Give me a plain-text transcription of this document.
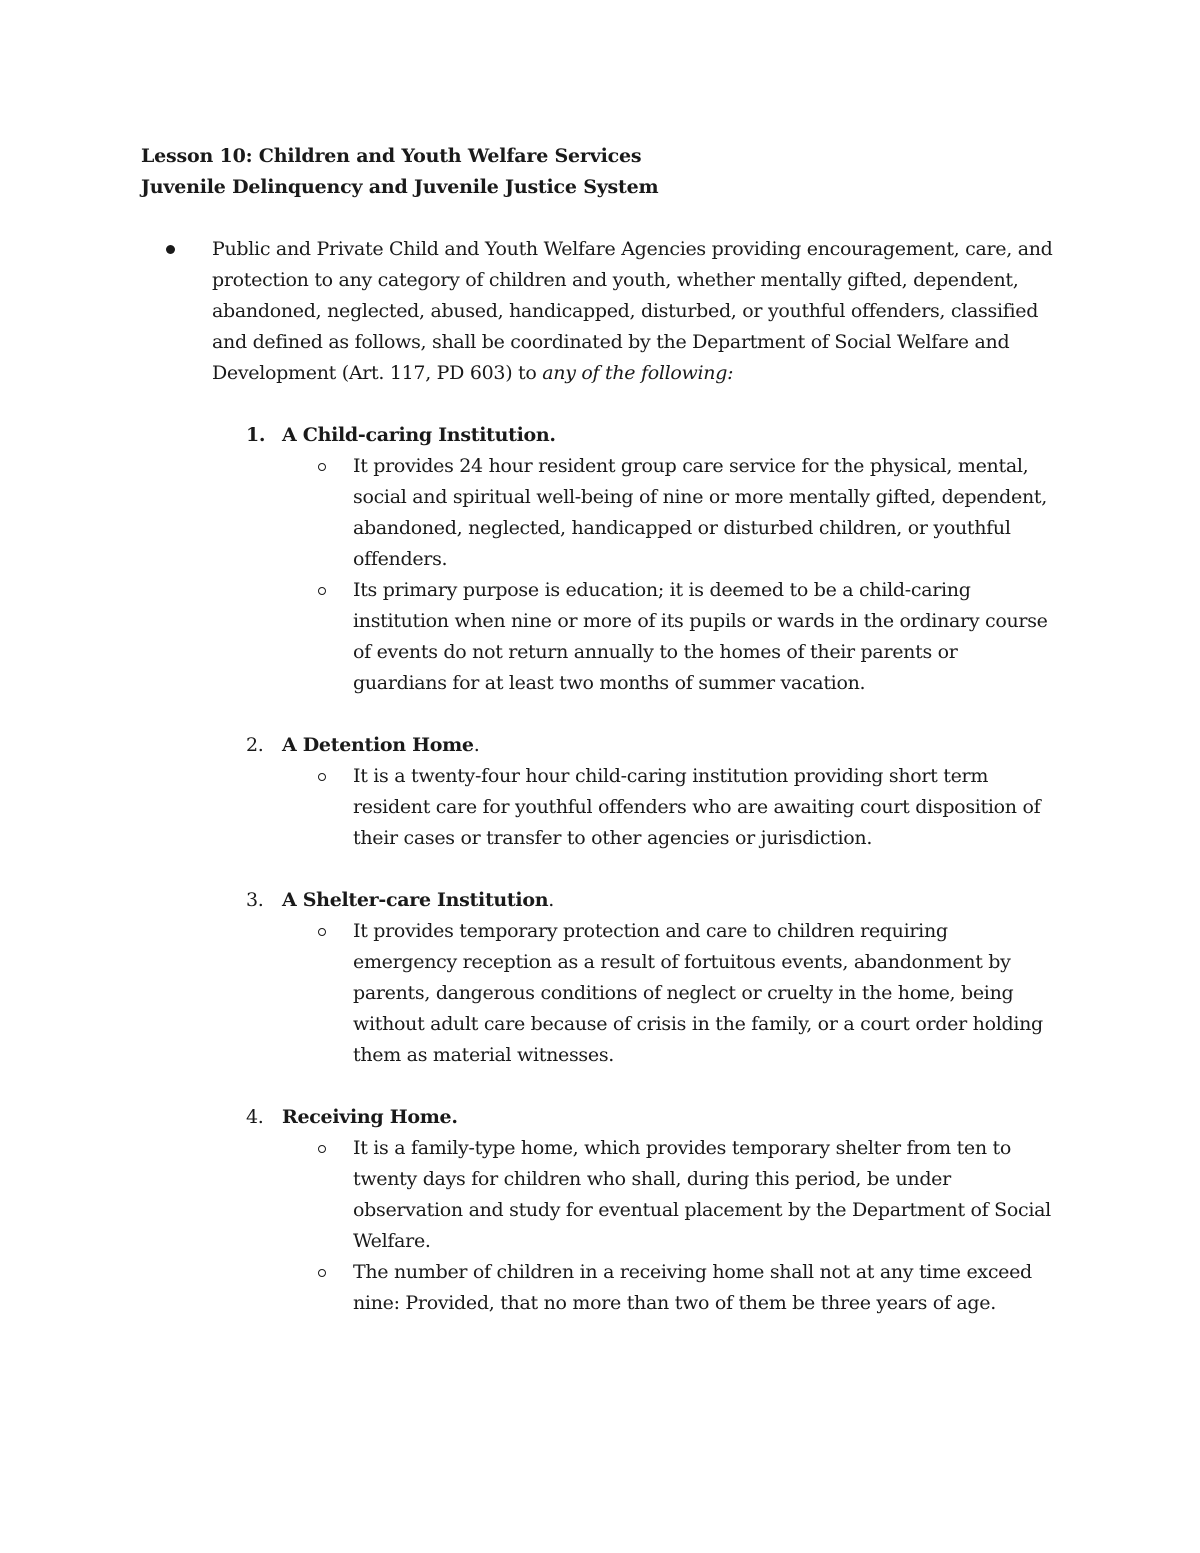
Lesson 10: Children and Youth Welfare Services

Juvenile Delinquency and Juvenile Justice System

Public and Private Child and Youth Welfare Agencies providing encouragement, care, and protection to any category of children and youth, whether mentally gifted, dependent, abandoned, neglected, abused, handicapped, disturbed, or youthful offenders, classified and defined as follows, shall be coordinated by the Department of Social Welfare and Development (Art. 117, PD 603) to any of the following:
1. A Child-caring Institution.
It provides 24 hour resident group care service for the physical, mental, social and spiritual well-being of nine or more mentally gifted, dependent, abandoned, neglected, handicapped or disturbed children, or youthful offenders.
Its primary purpose is education; it is deemed to be a child-caring institution when nine or more of its pupils or wards in the ordinary course of events do not return annually to the homes of their parents or guardians for at least two months of summer vacation.
2. A Detention Home.
It is a twenty-four hour child-caring institution providing short term resident care for youthful offenders who are awaiting court disposition of their cases or transfer to other agencies or jurisdiction.
3. A Shelter-care Institution.
It provides temporary protection and care to children requiring emergency reception as a result of fortuitous events, abandonment by parents, dangerous conditions of neglect or cruelty in the home, being without adult care because of crisis in the family, or a court order holding them as material witnesses.
4. Receiving Home.
It is a family-type home, which provides temporary shelter from ten to twenty days for children who shall, during this period, be under observation and study for eventual placement by the Department of Social Welfare.
The number of children in a receiving home shall not at any time exceed nine: Provided, that no more than two of them be three years of age.
